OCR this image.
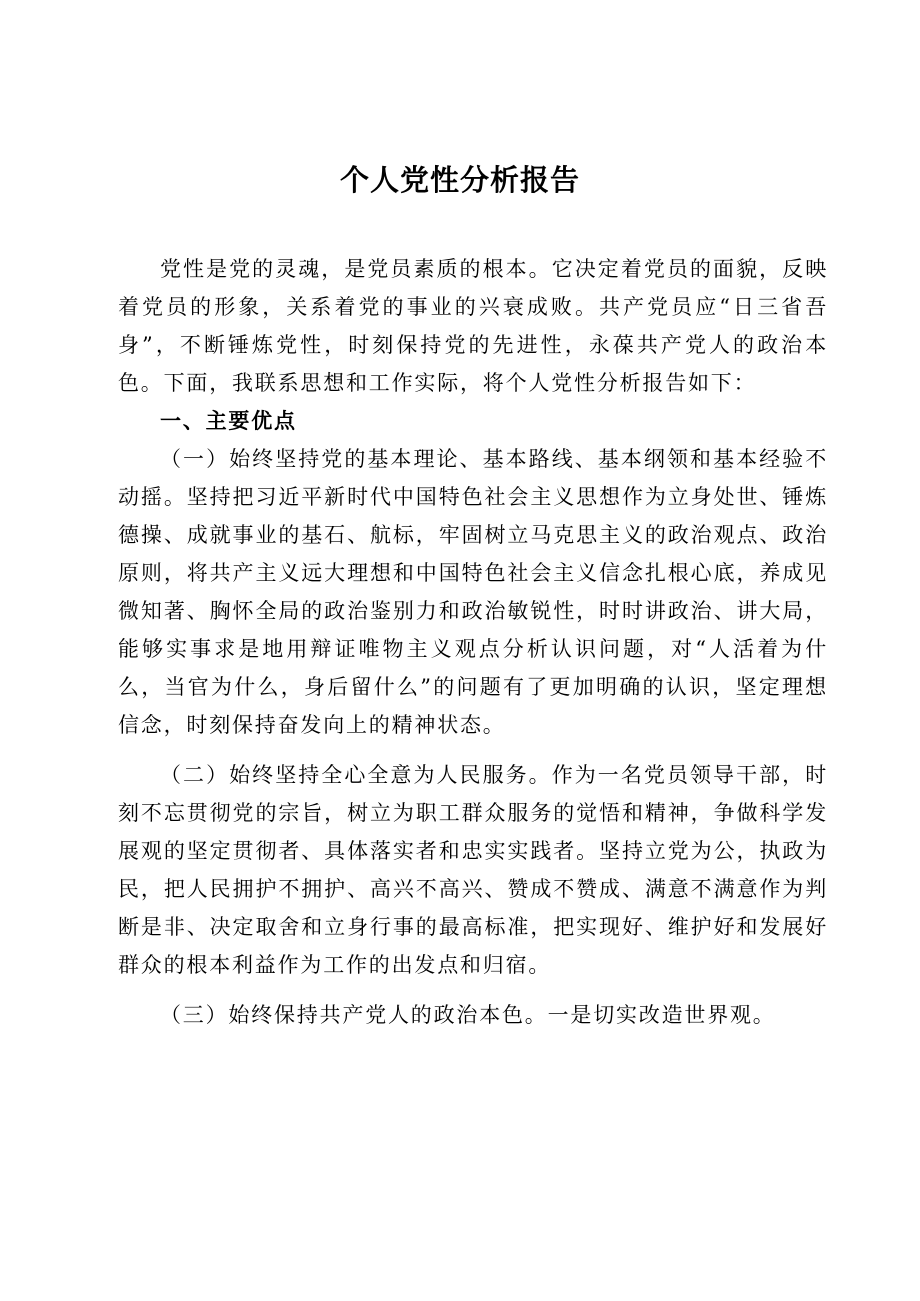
个人党性分析报告

党性是党的灵魂，是党员素质的根本。它决定着党员的面貌，反映着党员的形象，关系着党的事业的兴衰成败。共产党员应“日三省吾身”，不断锤炼党性，时刻保持党的先进性，永葆共产党人的政治本色。下面，我联系思想和工作实际，将个人党性分析报告如下：

一、主要优点

（一）始终坚持党的基本理论、基本路线、基本纲领和基本经验不动摇。坚持把习近平新时代中国特色社会主义思想作为立身处世、锤炼德操、成就事业的基石、航标，牢固树立马克思主义的政治观点、政治原则，将共产主义远大理想和中国特色社会主义信念扎根心底，养成见微知著、胸怀全局的政治鉴别力和政治敏锐性，时时讲政治、讲大局，能够实事求是地用辩证唯物主义观点分析认识问题，对“人活着为什么，当官为什么，身后留什么”的问题有了更加明确的认识，坚定理想信念，时刻保持奋发向上的精神状态。

（二）始终坚持全心全意为人民服务。作为一名党员领导干部，时刻不忘贯彻党的宗旨，树立为职工群众服务的觉悟和精神，争做科学发展观的坚定贯彻者、具体落实者和忠实实践者。坚持立党为公，执政为民，把人民拥护不拥护、高兴不高兴、赞成不赞成、满意不满意作为判断是非、决定取舍和立身行事的最高标准，把实现好、维护好和发展好群众的根本利益作为工作的出发点和归宿。

（三）始终保持共产党人的政治本色。一是切实改造世界观。
